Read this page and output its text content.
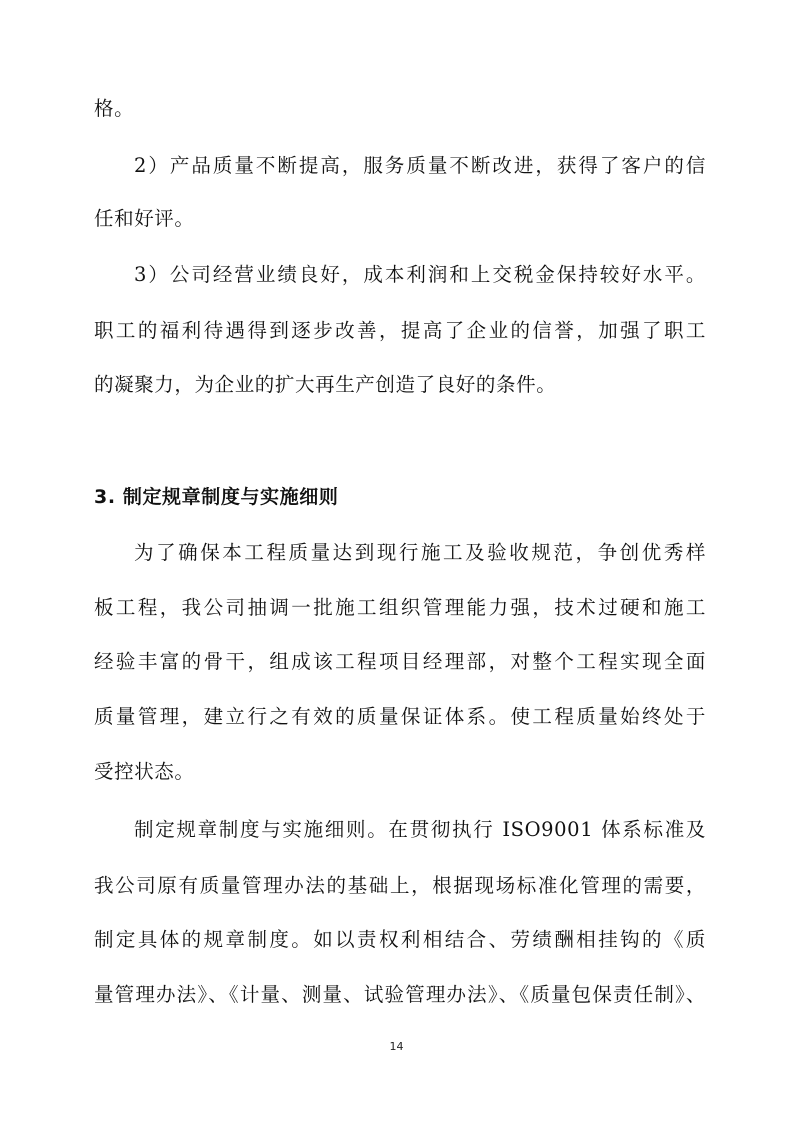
格。
2）产品质量不断提高，服务质量不断改进，获得了客户的信
任和好评。
3）公司经营业绩良好，成本利润和上交税金保持较好水平。
职工的福利待遇得到逐步改善，提高了企业的信誉，加强了职工
的凝聚力，为企业的扩大再生产创造了良好的条件。
3. 制定规章制度与实施细则
为了确保本工程质量达到现行施工及验收规范，争创优秀样
板工程，我公司抽调一批施工组织管理能力强，技术过硬和施工
经验丰富的骨干，组成该工程项目经理部，对整个工程实现全面
质量管理，建立行之有效的质量保证体系。使工程质量始终处于
受控状态。
制定规章制度与实施细则。在贯彻执行 ISO9001 体系标准及
我公司原有质量管理办法的基础上，根据现场标准化管理的需要，
制定具体的规章制度。如以责权利相结合、劳绩酬相挂钩的《质
量管理办法》、《计量、测量、试验管理办法》、《质量包保责任制》、
14
